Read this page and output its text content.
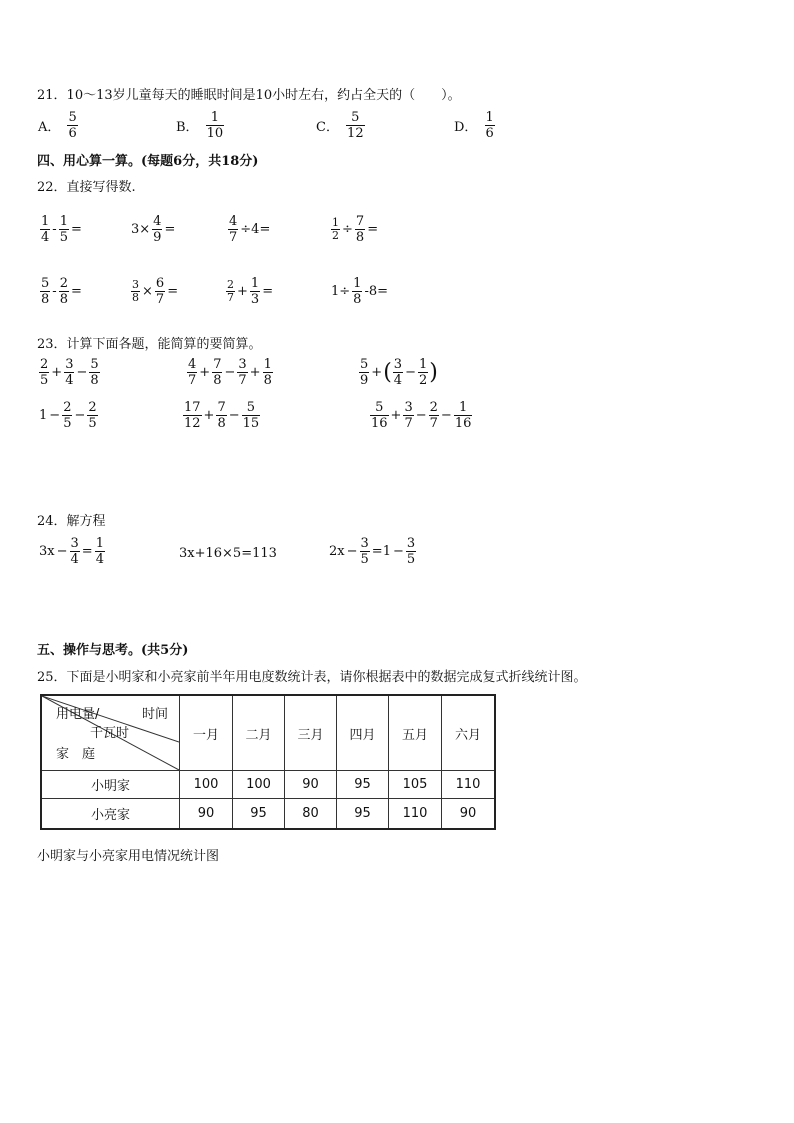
21．10～13岁儿童每天的睡眠时间是10小时左右，约占全天的（　　）。
A． $\frac{5}{6}$	B． $\frac{1}{10}$	C． $\frac{5}{12}$	D． $\frac{1}{6}$
四、用心算一算。(每题6分，共18分)
22．直接写得数.
$\frac{1}{4} - \frac{1}{5}$ =	$3\times \frac{4}{9}$ =	$\frac{4}{7} \div 4=$	$\frac{1}{2} \div \frac{7}{8}$ =
$\frac{5}{8} - \frac{2}{8}$ =	$\frac{3}{8} \times \frac{6}{7}$ =	$\frac{2}{7} + \frac{1}{3}$ =	$1\div \frac{1}{8} -8=$
23．计算下面各题，能简算的要简算。
$\frac{2}{5} + \frac{3}{4} - \frac{5}{8}$	$\frac{4}{7} + \frac{7}{8} - \frac{3}{7} + \frac{1}{8}$	$\frac{5}{9}$ +( $\frac{3}{4} - \frac{1}{2}$ )
$1 - \frac{2}{5} - \frac{2}{5}$	$\frac{17}{12} + \frac{7}{8} - \frac{5}{15}$	$\frac{5}{16} + \frac{3}{7} - \frac{2}{7} - \frac{1}{16}$
24．解方程
$3x - \frac{3}{4} = \frac{1}{4}$	3x+16×5=113	$2x - \frac{3}{5} =1 - \frac{3}{5}$
五、操作与思考。(共5分)
25．下面是小明家和小亮家前半年用电度数统计表，请你根据表中的数据完成复式折线统计图。
用电量/ 时间
千瓦时
家　庭	一月	二月	三月	四月	五月	六月
小明家	100	100	90	95	105	110
小亮家	90	95	80	95	110	90
小明家与小亮家用电情况统计图
